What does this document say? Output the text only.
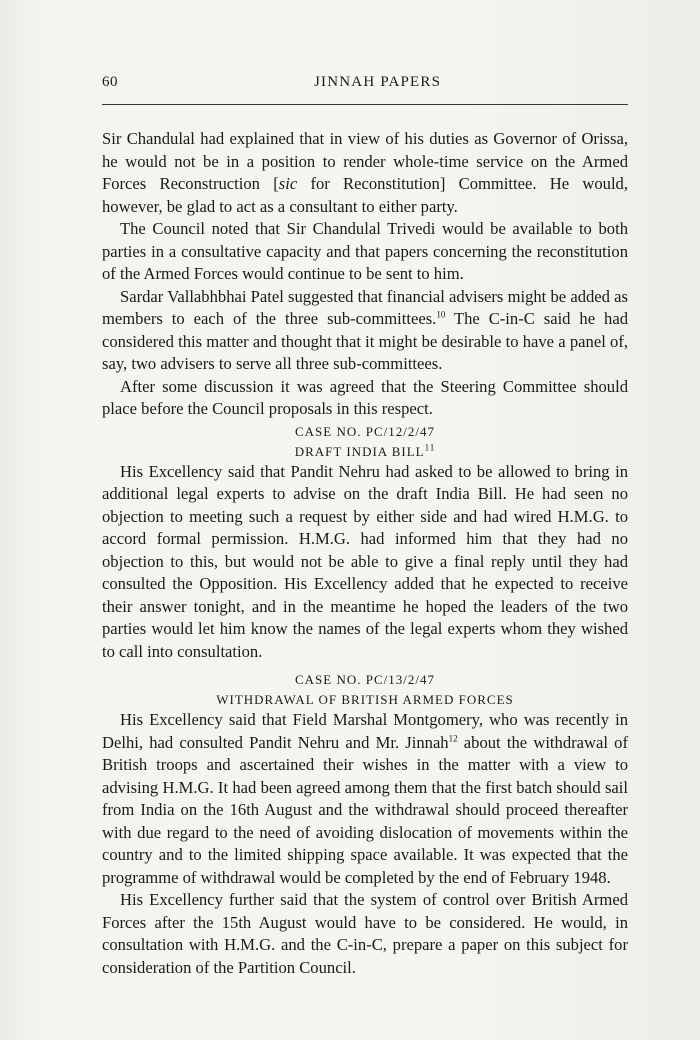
60	JINNAH PAPERS

Sir Chandulal had explained that in view of his duties as Governor of Orissa, he would not be in a position to render whole-time service on the Armed Forces Reconstruction [sic for Reconstitution] Committee. He would, however, be glad to act as a consultant to either party.

The Council noted that Sir Chandulal Trivedi would be available to both parties in a consultative capacity and that papers concerning the reconstitution of the Armed Forces would continue to be sent to him.

Sardar Vallabhbhai Patel suggested that financial advisers might be added as members to each of the three sub-committees.$^{10}$ The C-in-C said he had considered this matter and thought that it might be desirable to have a panel of, say, two advisers to serve all three sub-committees.

After some discussion it was agreed that the Steering Committee should place before the Council proposals in this respect.

CASE NO. PC/12/2/47
DRAFT INDIA BILL$^{11}$

His Excellency said that Pandit Nehru had asked to be allowed to bring in additional legal experts to advise on the draft India Bill. He had seen no objection to meeting such a request by either side and had wired H.M.G. to accord formal permission. H.M.G. had informed him that they had no objection to this, but would not be able to give a final reply until they had consulted the Opposition. His Excellency added that he expected to receive their answer tonight, and in the meantime he hoped the leaders of the two parties would let him know the names of the legal experts whom they wished to call into consultation.

CASE NO. PC/13/2/47
WITHDRAWAL OF BRITISH ARMED FORCES

His Excellency said that Field Marshal Montgomery, who was recently in Delhi, had consulted Pandit Nehru and Mr. Jinnah$^{12}$ about the withdrawal of British troops and ascertained their wishes in the matter with a view to advising H.M.G. It had been agreed among them that the first batch should sail from India on the 16th August and the withdrawal should proceed thereafter with due regard to the need of avoiding dislocation of movements within the country and to the limited shipping space available. It was expected that the programme of withdrawal would be completed by the end of February 1948.

His Excellency further said that the system of control over British Armed Forces after the 15th August would have to be considered. He would, in consultation with H.M.G. and the C-in-C, prepare a paper on this subject for consideration of the Partition Council.
